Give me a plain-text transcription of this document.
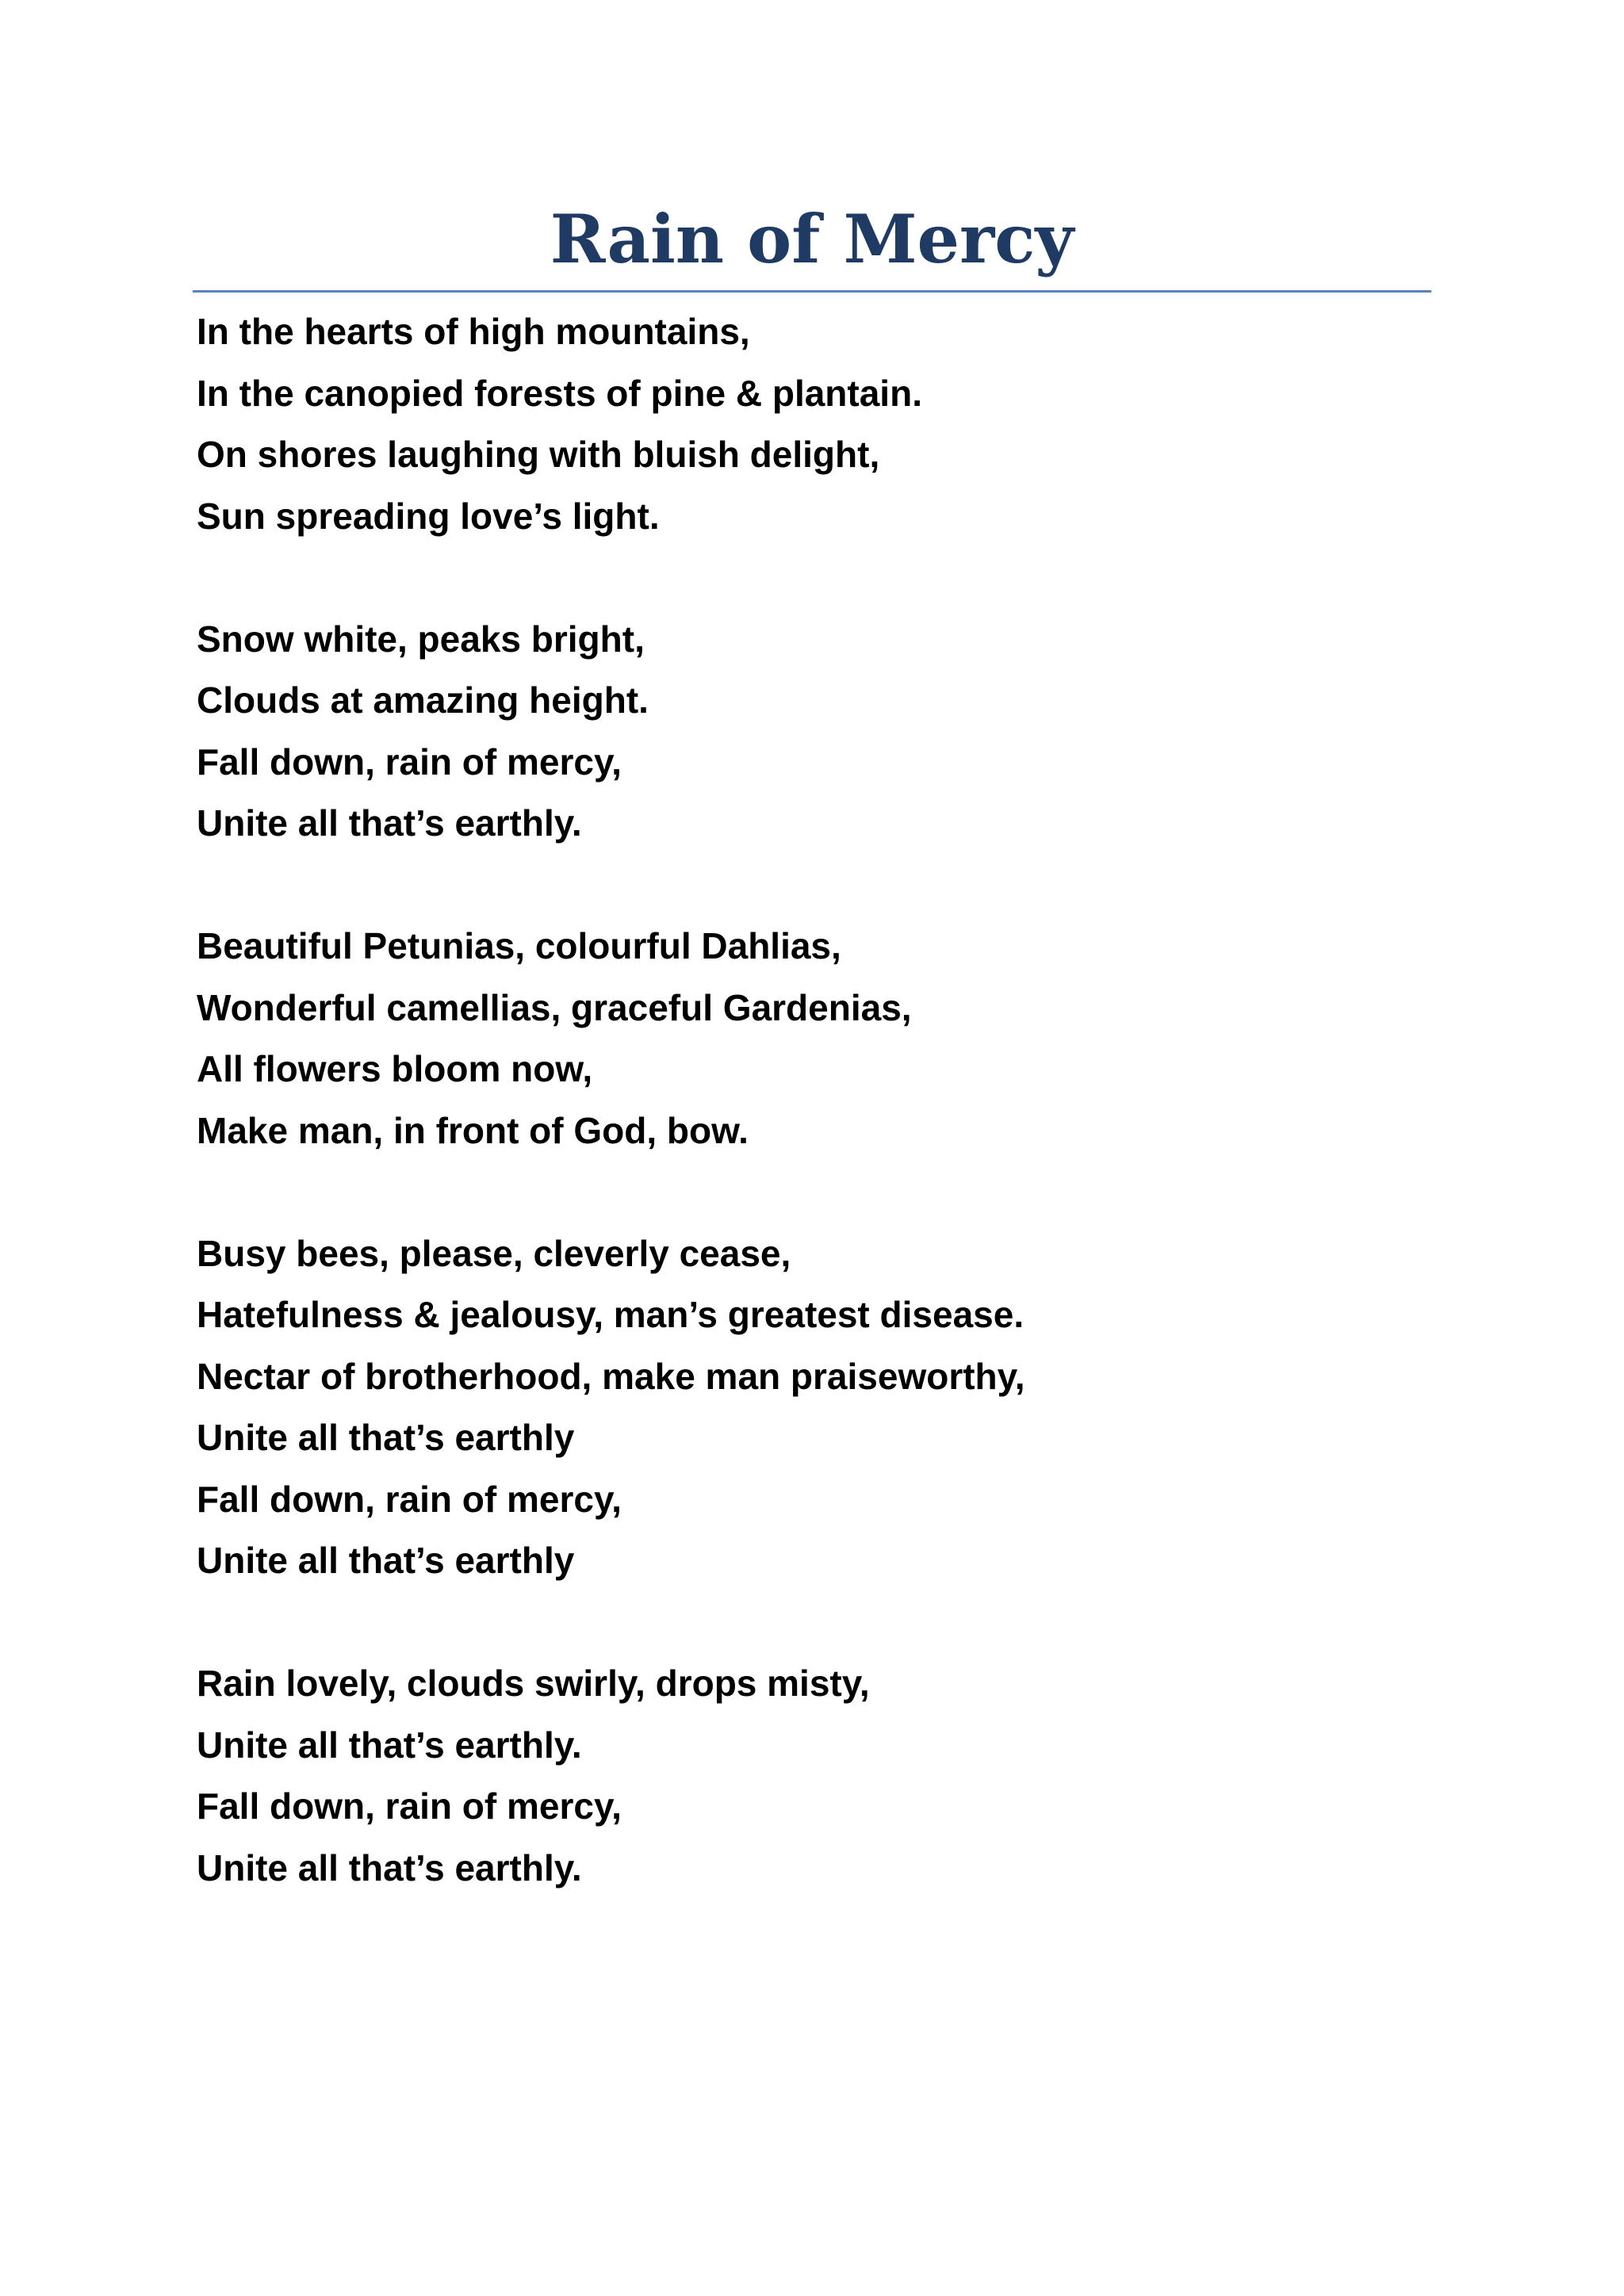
Rain of Mercy
In the hearts of high mountains,
In the canopied forests of pine & plantain.
On shores laughing with bluish delight,
Sun spreading love’s light.
Snow white, peaks bright,
Clouds at amazing height.
Fall down, rain of mercy,
Unite all that’s earthly.
Beautiful Petunias, colourful Dahlias,
Wonderful camellias, graceful Gardenias,
All flowers bloom now,
Make man, in front of God, bow.
Busy bees, please, cleverly cease,
Hatefulness & jealousy, man’s greatest disease.
Nectar of brotherhood, make man praiseworthy,
Unite all that’s earthly
Fall down, rain of mercy,
Unite all that’s earthly
Rain lovely, clouds swirly, drops misty,
Unite all that’s earthly.
Fall down, rain of mercy,
Unite all that’s earthly.
